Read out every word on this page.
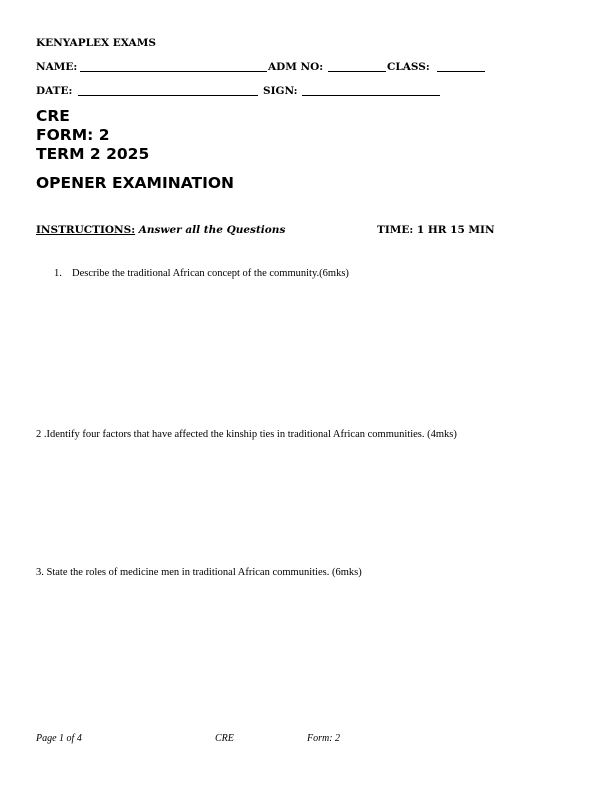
KENYAPLEX EXAMS
NAME:	ADM NO:	CLASS:
DATE:	SIGN:
CRE
FORM: 2
TERM 2 2025
OPENER EXAMINATION
INSTRUCTIONS: Answer all the Questions	TIME: 1 HR 15 MIN
1. Describe the traditional African concept of the community.(6mks)
2 .Identify four factors that have affected the kinship ties in traditional African communities. (4mks)
3. State the roles of medicine men in traditional African communities. (6mks)
Page 1 of 4	CRE	Form: 2
